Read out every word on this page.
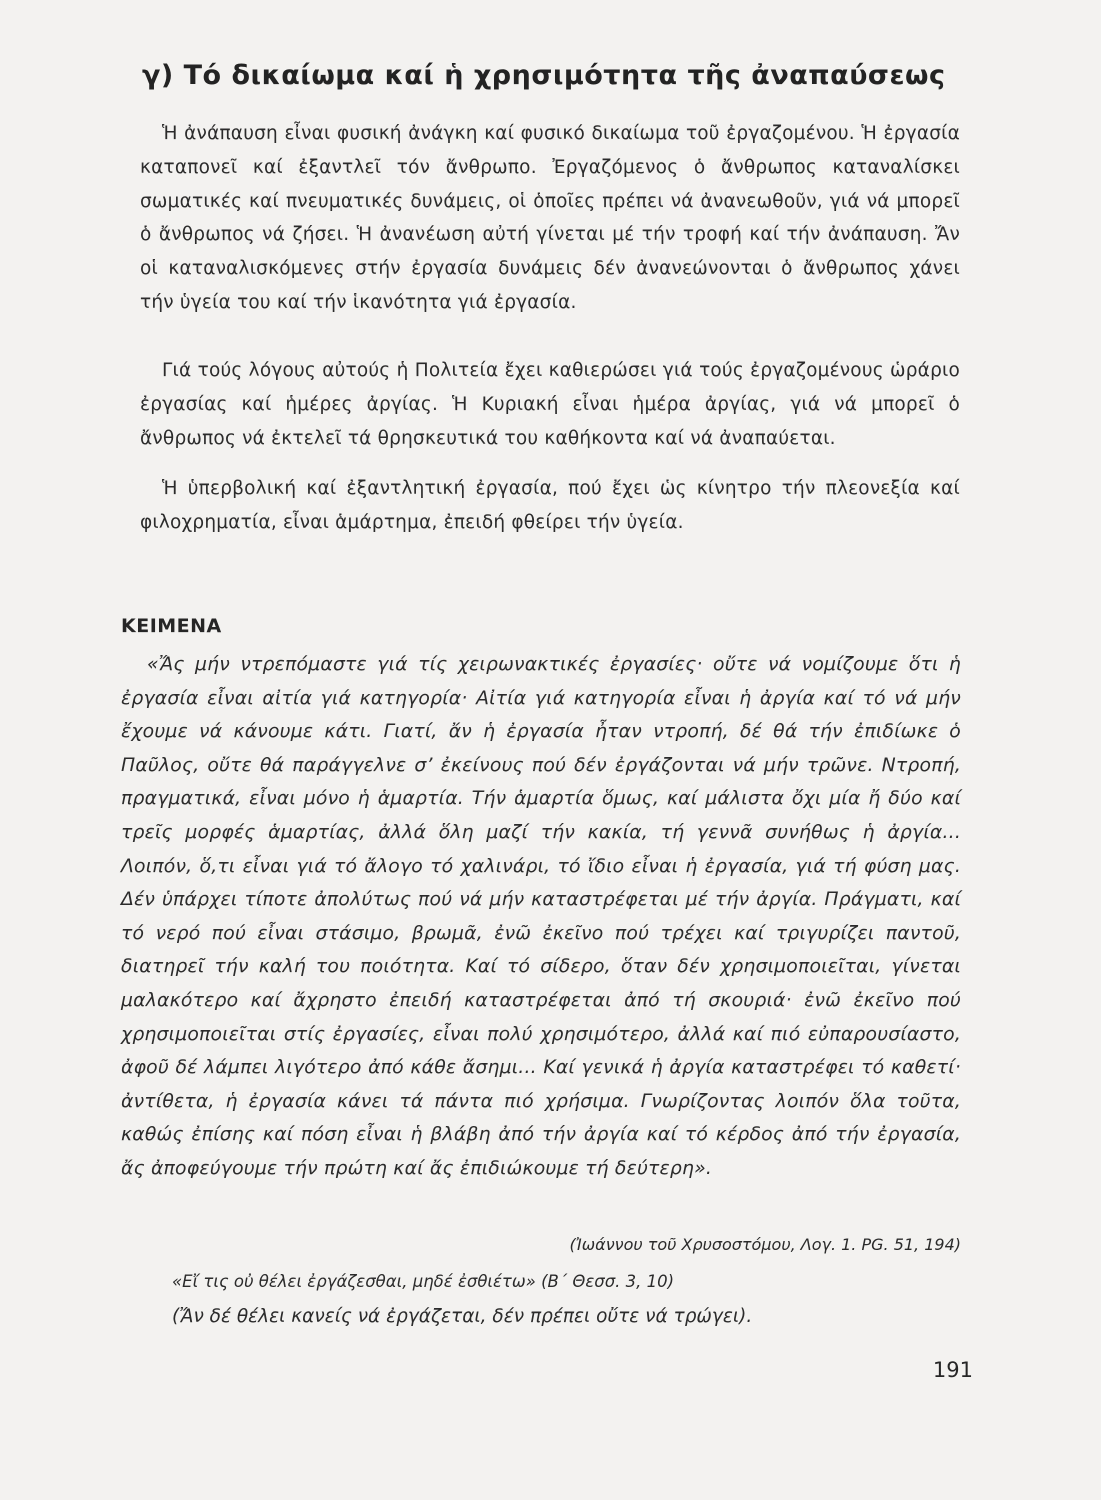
γ) Τό δικαίωμα καί ἡ χρησιμότητα τῆς ἀναπαύσεως

Ἡ ἀνάπαυση εἶναι φυσική ἀνάγκη καί φυσικό δικαίωμα τοῦ ἐργαζομένου. Ἡ ἐργασία καταπονεῖ καί ἐξαντλεῖ τόν ἄνθρωπο. Ἐργαζόμενος ὁ ἄνθρωπος καταναλίσκει σωματικές καί πνευματικές δυνάμεις, οἱ ὁποῖες πρέπει νά ἀνανεωθοῦν, γιά νά μπορεῖ ὁ ἄνθρωπος νά ζήσει. Ἡ ἀνανέωση αὐτή γίνεται μέ τήν τροφή καί τήν ἀνάπαυση. Ἄν οἱ καταναλισκόμενες στήν ἐργασία δυνάμεις δέν ἀνανεώνονται ὁ ἄνθρωπος χάνει τήν ὑγεία του καί τήν ἱκανότητα γιά ἐργασία.

Γιά τούς λόγους αὐτούς ἡ Πολιτεία ἔχει καθιερώσει γιά τούς ἐργαζομένους ὡράριο ἐργασίας καί ἡμέρες ἀργίας. Ἡ Κυριακή εἶναι ἡμέρα ἀργίας, γιά νά μπορεῖ ὁ ἄνθρωπος νά ἐκτελεῖ τά θρησκευτικά του καθήκοντα καί νά ἀναπαύεται.

Ἡ ὑπερβολική καί ἐξαντλητική ἐργασία, πού ἔχει ὡς κίνητρο τήν πλεονεξία καί φιλοχρηματία, εἶναι ἁμάρτημα, ἐπειδή φθείρει τήν ὑγεία.

ΚΕΙΜΕΝΑ

«Ἄς μήν ντρεπόμαστε γιά τίς χειρωνακτικές ἐργασίες· οὔτε νά νομίζουμε ὅτι ἡ ἐργασία εἶναι αἰτία γιά κατηγορία· Αἰτία γιά κατηγορία εἶναι ἡ ἀργία καί τό νά μήν ἔχουμε νά κάνουμε κάτι. Γιατί, ἄν ἡ ἐργασία ἦταν ντροπή, δέ θά τήν ἐπιδίωκε ὁ Παῦλος, οὔτε θά παράγγελνε σ’ ἐκείνους πού δέν ἐργάζονται νά μήν τρῶνε. Ντροπή, πραγματικά, εἶναι μόνο ἡ ἁμαρτία. Τήν ἁμαρτία ὅμως, καί μάλιστα ὄχι μία ἤ δύο καί τρεῖς μορφές ἁμαρτίας, ἀλλά ὅλη μαζί τήν κακία, τή γεννᾶ συνήθως ἡ ἀργία... Λοιπόν, ὅ,τι εἶναι γιά τό ἄλογο τό χαλινάρι, τό ἴδιο εἶναι ἡ ἐργασία, γιά τή φύση μας. Δέν ὑπάρχει τίποτε ἀπολύτως πού νά μήν καταστρέφεται μέ τήν ἀργία. Πράγματι, καί τό νερό πού εἶναι στάσιμο, βρωμᾶ, ἐνῶ ἐκεῖνο πού τρέχει καί τριγυρίζει παντοῦ, διατηρεῖ τήν καλή του ποιότητα. Καί τό σίδερο, ὅταν δέν χρησιμοποιεῖται, γίνεται μαλακότερο καί ἄχρηστο ἐπειδή καταστρέφεται ἀπό τή σκουριά· ἐνῶ ἐκεῖνο πού χρησιμοποιεῖται στίς ἐργασίες, εἶναι πολύ χρησιμότερο, ἀλλά καί πιό εὐπαρουσίαστο, ἀφοῦ δέ λάμπει λιγότερο ἀπό κάθε ἄσημι... Καί γενικά ἡ ἀργία καταστρέφει τό καθετί· ἀντίθετα, ἡ ἐργασία κάνει τά πάντα πιό χρήσιμα. Γνωρίζοντας λοιπόν ὅλα τοῦτα, καθώς ἐπίσης καί πόση εἶναι ἡ βλάβη ἀπό τήν ἀργία καί τό κέρδος ἀπό τήν ἐργασία, ἄς ἀποφεύγουμε τήν πρώτη καί ἄς ἐπιδιώκουμε τή δεύτερη».

(Ἰωάννου τοῦ Χρυσοστόμου, Λογ. 1. PG. 51, 194)

«Εἴ τις οὐ θέλει ἐργάζεσθαι, μηδέ ἐσθιέτω» (Β´ Θεσσ. 3, 10)

(Ἄν δέ θέλει κανείς νά ἐργάζεται, δέν πρέπει οὔτε νά τρώγει).

191
